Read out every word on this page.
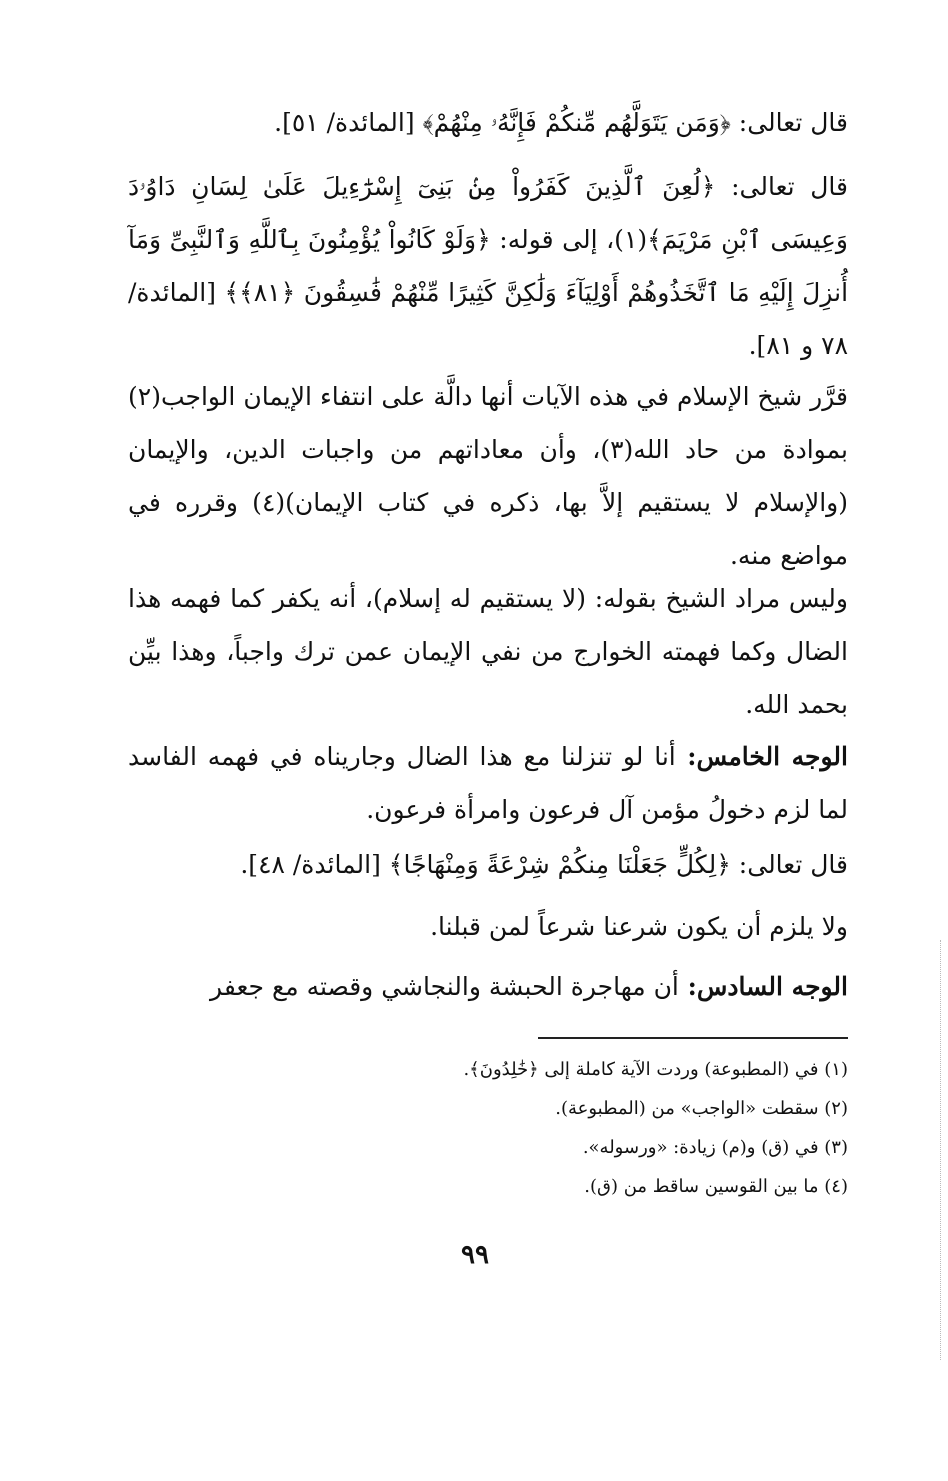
قال تعالى: ﴿وَمَن يَتَوَلَّهُم مِّنكُمْ فَإِنَّهُۥ مِنْهُمْ﴾ [المائدة/ ٥١].
قال تعالى: ﴿لُعِنَ ٱلَّذِينَ كَفَرُواْ مِنۢ بَنِىٓ إِسْرَٰٓءِيلَ عَلَىٰ لِسَانِ دَاوُۥدَ وَعِيسَى ٱبْنِ مَرْيَمَ﴾(١)، إلى قوله: ﴿وَلَوْ كَانُواْ يُؤْمِنُونَ بِٱللَّهِ وَٱلنَّبِىِّ وَمَآ أُنزِلَ إِلَيْهِ مَا ٱتَّخَذُوهُمْ أَوْلِيَآءَ وَلَٰكِنَّ كَثِيرًا مِّنْهُمْ فَٰسِقُونَ ﴿٨١﴾﴾ [المائدة/ ٧٨ و ٨١].
قرَّر شيخ الإسلام في هذه الآيات أنها دالَّة على انتفاء الإيمان الواجب(٢) بموادة من حاد الله(٣)، وأن معاداتهم من واجبات الدين، والإيمان (والإسلام لا يستقيم إلاَّ بها، ذكره في كتاب الإيمان)(٤) وقرره في مواضع منه.
وليس مراد الشيخ بقوله: (لا يستقيم له إسلام)، أنه يكفر كما فهمه هذا الضال وكما فهمته الخوارج من نفي الإيمان عمن ترك واجباً، وهذا بيِّن بحمد الله.
الوجه الخامس: أنا لو تنزلنا مع هذا الضال وجاريناه في فهمه الفاسد لما لزم دخولُ مؤمن آل فرعون وامرأة فرعون.
قال تعالى: ﴿لِكُلٍّ جَعَلْنَا مِنكُمْ شِرْعَةً وَمِنْهَاجًا﴾ [المائدة/ ٤٨].
ولا يلزم أن يكون شرعنا شرعاً لمن قبلنا.
الوجه السادس: أن مهاجرة الحبشة والنجاشي وقصته مع جعفر
(١) في (المطبوعة) وردت الآية كاملة إلى ﴿خَٰلِدُونَ﴾.
(٢) سقطت «الواجب» من (المطبوعة).
(٣) في (ق) و(م) زيادة: «ورسوله».
(٤) ما بين القوسين ساقط من (ق).
٩٩
